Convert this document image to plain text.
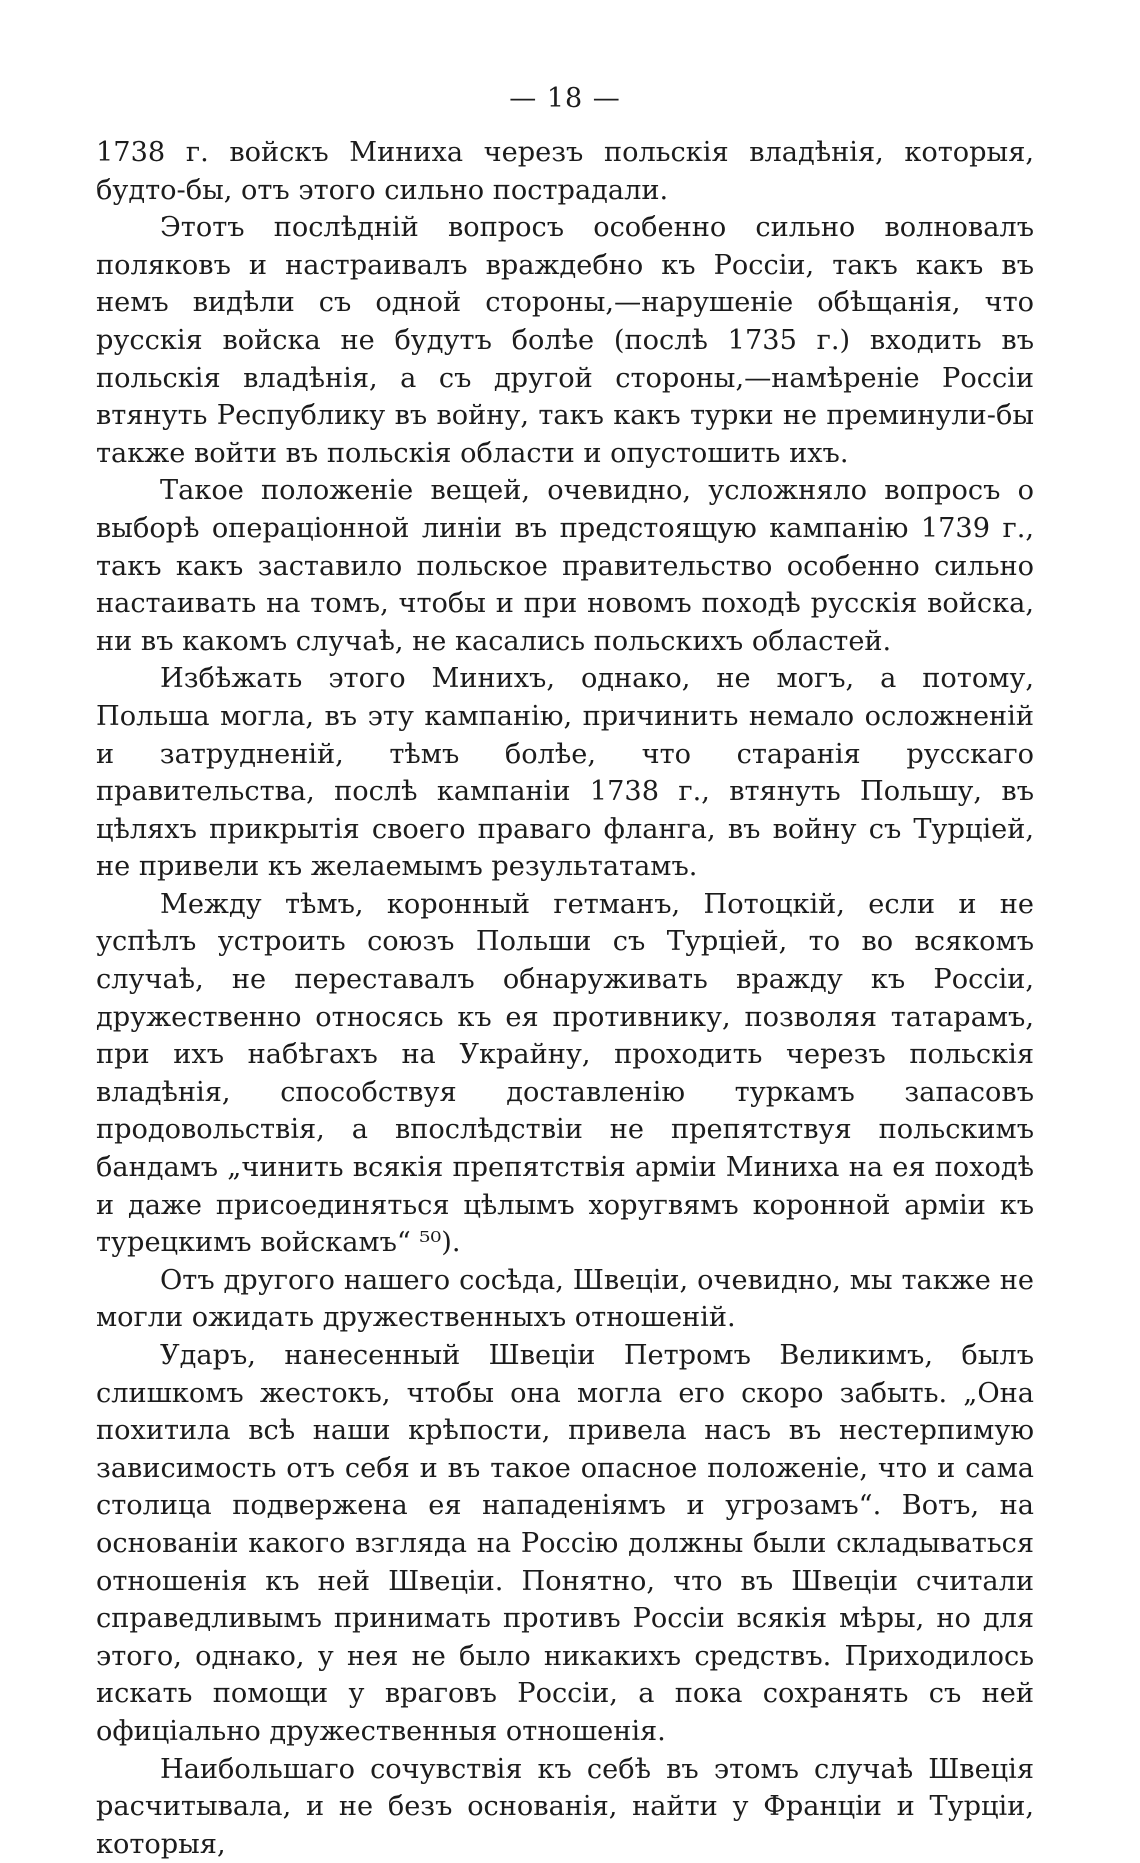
— 18 —

1738 г. войскъ Миниха черезъ польскія владѣнія, которыя, будто-бы, отъ этого сильно пострадали.

Этотъ послѣдній вопросъ особенно сильно волновалъ поляковъ и настраивалъ враждебно къ Россіи, такъ какъ въ немъ видѣли съ одной стороны,—нарушеніе обѣщанія, что русскія войска не будутъ болѣе (послѣ 1735 г.) входить въ польскія владѣнія, а съ другой стороны,—намѣреніе Россіи втянуть Республику въ войну, такъ какъ турки не преминули-бы также войти въ польскія области и опустошить ихъ.

Такое положеніе вещей, очевидно, усложняло вопросъ о выборѣ операціонной линіи въ предстоящую кампанію 1739 г., такъ какъ заставило польское правительство особенно сильно настаивать на томъ, чтобы и при новомъ походѣ русскія войска, ни въ какомъ случаѣ, не касались польскихъ областей.

Избѣжать этого Минихъ, однако, не могъ, а потому, Польша могла, въ эту кампанію, причинить немало осложненій и затрудненій, тѣмъ болѣе, что старанія русскаго правительства, послѣ кампаніи 1738 г., втянуть Польшу, въ цѣляхъ прикрытія своего праваго фланга, въ войну съ Турціей, не привели къ желаемымъ результатамъ.

Между тѣмъ, коронный гетманъ, Потоцкій, если и не успѣлъ устроить союзъ Польши съ Турціей, то во всякомъ случаѣ, не переставалъ обнаруживать вражду къ Россіи, дружественно относясь къ ея противнику, позволяя татарамъ, при ихъ набѣгахъ на Украйну, проходить черезъ польскія владѣнія, способствуя доставленію туркамъ запасовъ продовольствія, а впослѣдствіи не препятствуя польскимъ бандамъ „чинить всякія препятствія арміи Миниха на ея походѣ и даже присоединяться цѣлымъ хоругвямъ коронной арміи къ турецкимъ войскамъ“ ⁵⁰).

Отъ другого нашего сосѣда, Швеціи, очевидно, мы также не могли ожидать дружественныхъ отношеній.

Ударъ, нанесенный Швеціи Петромъ Великимъ, былъ слишкомъ жестокъ, чтобы она могла его скоро забыть. „Она похитила всѣ наши крѣпости, привела насъ въ нестерпимую зависимость отъ себя и въ такое опасное положеніе, что и сама столица подвержена ея нападеніямъ и угрозамъ“. Вотъ, на основаніи какого взгляда на Россію должны были складываться отношенія къ ней Швеціи. Понятно, что въ Швеціи считали справедливымъ принимать противъ Россіи всякія мѣры, но для этого, однако, у нея не было никакихъ средствъ. Приходилось искать помощи у враговъ Россіи, а пока сохранять съ ней офиціально дружественныя отношенія.

Наибольшаго сочувствія къ себѣ въ этомъ случаѣ Швеція расчитывала, и не безъ основанія, найти у Франціи и Турціи, которыя,
